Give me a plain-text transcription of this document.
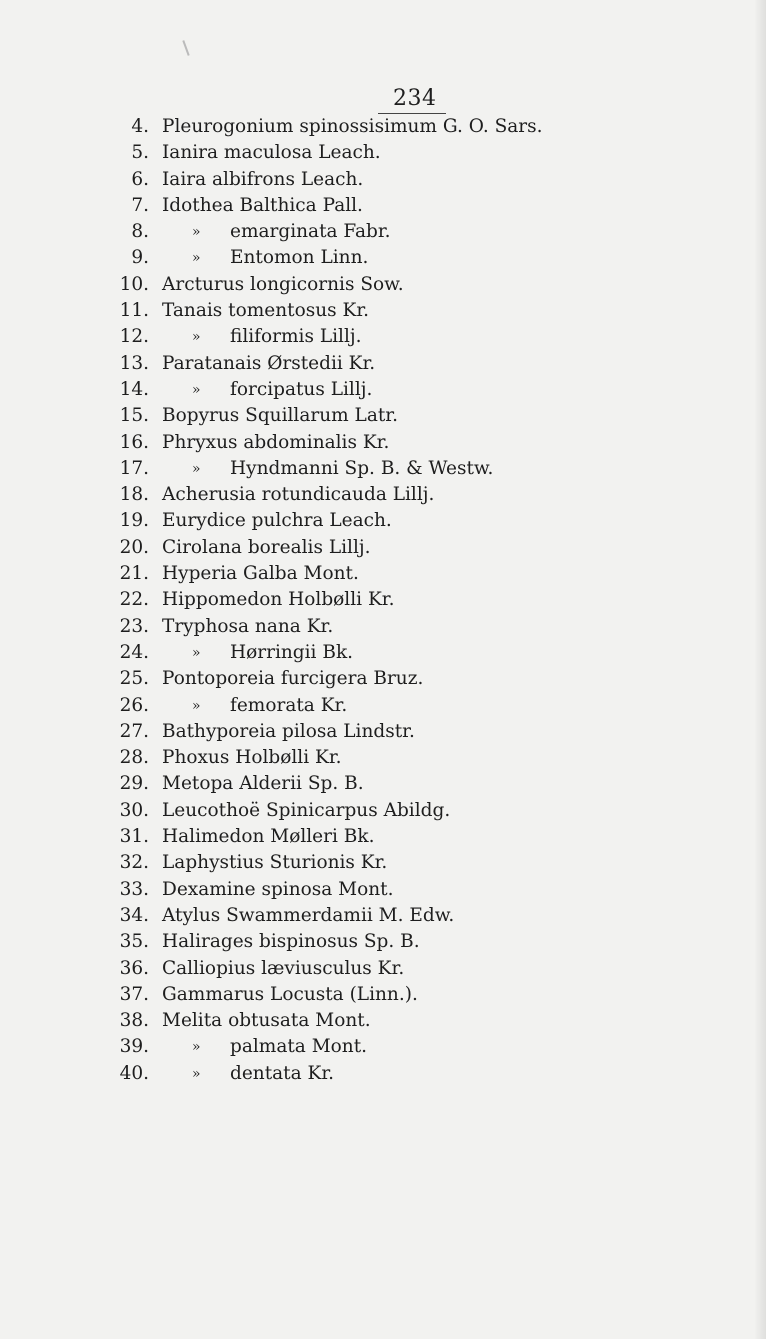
234
4. Pleurogonium spinossisimum G. O. Sars.
5. Ianira maculosa Leach.
6. Iaira albifrons Leach.
7. Idothea Balthica Pall.
8.	» emarginata Fabr.
9.	» Entomon Linn.
10. Arcturus longicornis Sow.
11. Tanais tomentosus Kr.
12.	» filiformis Lillj.
13. Paratanais Ørstedii Kr.
14.	» forcipatus Lillj.
15. Bopyrus Squillarum Latr.
16. Phryxus abdominalis Kr.
17.	» Hyndmanni Sp. B. & Westw.
18. Acherusia rotundicauda Lillj.
19. Eurydice pulchra Leach.
20. Cirolana borealis Lillj.
21. Hyperia Galba Mont.
22. Hippomedon Holbølli Kr.
23. Tryphosa nana Kr.
24.	» Hørringii Bk.
25. Pontoporeia furcigera Bruz.
26.	» femorata Kr.
27. Bathyporeia pilosa Lindstr.
28. Phoxus Holbølli Kr.
29. Metopa Alderii Sp. B.
30. Leucothoë Spinicarpus Abildg.
31. Halimedon Mølleri Bk.
32. Laphystius Sturionis Kr.
33. Dexamine spinosa Mont.
34. Atylus Swammerdamii M. Edw.
35. Halirages bispinosus Sp. B.
36. Calliopius læviusculus Kr.
37. Gammarus Locusta (Linn.).
38. Melita obtusata Mont.
39.	» palmata Mont.
40.	» dentata Kr.
